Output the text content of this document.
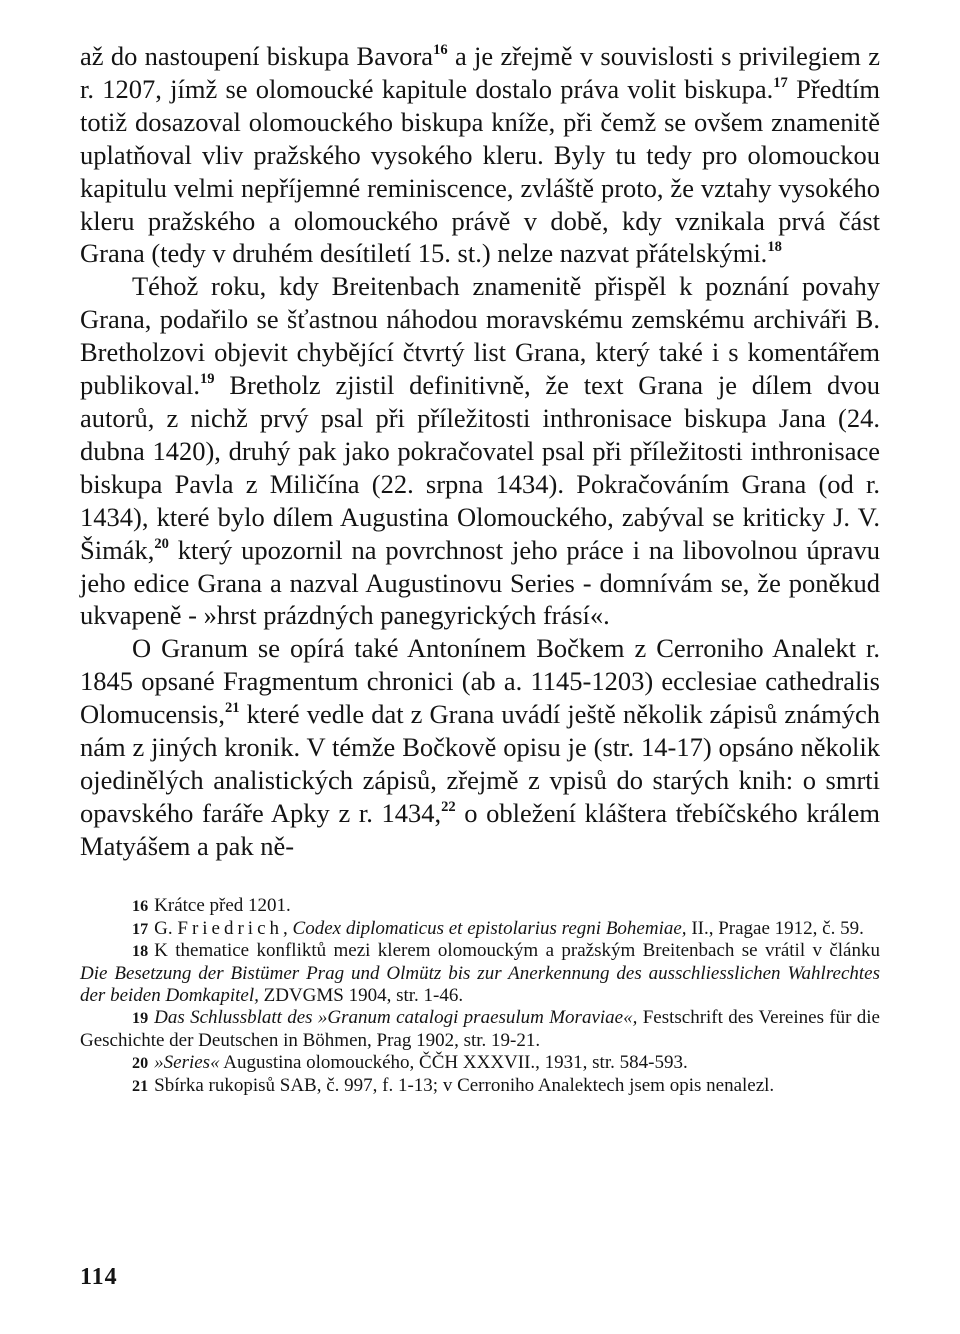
až do nastoupení biskupa Bavora$^{16}$ a je zřejmě v souvislosti s privilegiem z r. 1207, jímž se olomoucké kapitule dostalo práva volit biskupa.$^{17}$ Předtím totiž dosazoval olomouckého biskupa kníže, při čemž se ovšem znamenitě uplatňoval vliv pražského vysokého kleru. Byly tu tedy pro olomouckou kapitulu velmi nepříjemné reminiscence, zvláště proto, že vztahy vysokého kleru pražského a olomouckého právě v době, kdy vznikala prvá část Grana (tedy v druhém desítiletí 15. st.) nelze nazvat přátelskými.$^{18}$

Téhož roku, kdy Breitenbach znamenitě přispěl k poznání povahy Grana, podařilo se šťastnou náhodou moravskému zemskému archiváři B. Bretholzovi objevit chybějící čtvrtý list Grana, který také i s komentářem publikoval.$^{19}$ Bretholz zjistil definitivně, že text Grana je dílem dvou autorů, z nichž prvý psal při příležitosti inthronisace biskupa Jana (24. dubna 1420), druhý pak jako pokračovatel psal při příležitosti inthronisace biskupa Pavla z Miličína (22. srpna 1434). Pokračováním Grana (od r. 1434), které bylo dílem Augustina Olomouckého, zabýval se kriticky J. V. Šimák,$^{20}$ který upozornil na povrchnost jeho práce i na libovolnou úpravu jeho edice Grana a nazval Augustinovu Series - domnívám se, že poněkud ukvapeně - »hrst prázdných panegyrických frásí«.

O Granum se opírá také Antonínem Bočkem z Cerroniho Analekt r. 1845 opsané Fragmentum chronici (ab a. 1145-1203) ecclesiae cathedralis Olomucensis,$^{21}$ které vedle dat z Grana uvádí ještě několik zápisů známých nám z jiných kronik. V témže Bočkově opisu je (str. 14-17) opsáno několik ojedinělých analistických zápisů, zřejmě z vpisů do starých knih: o smrti opavského faráře Apky z r. 1434,22 o obležení kláštera třebíčského králem Matyášem a pak ně-

16 Krátce před 1201.

17 G. Friedrich, Codex diplomaticus et epistolarius regni Bohemiae, II., Pragae 1912, č. 59.

18 K thematice konfliktů mezi klerem olomouckým a pražským Breitenbach se vrátil v článku Die Besetzung der Bistümer Prag und Olmütz bis zur Anerkennung des ausschliesslichen Wahlrechtes der beiden Domkapitel, ZDVGMS 1904, str. 1-46.

19 Das Schlussblatt des »Granum catalogi praesulum Moraviae«, Festschrift des Vereines für die Geschichte der Deutschen in Böhmen, Prag 1902, str. 19-21.

20 »Series« Augustina olomouckého, ČČH XXXVII., 1931, str. 584-593.

21 Sbírka rukopisů SAB, č. 997, f. 1-13; v Cerroniho Analektech jsem opis nenalezl.

114
